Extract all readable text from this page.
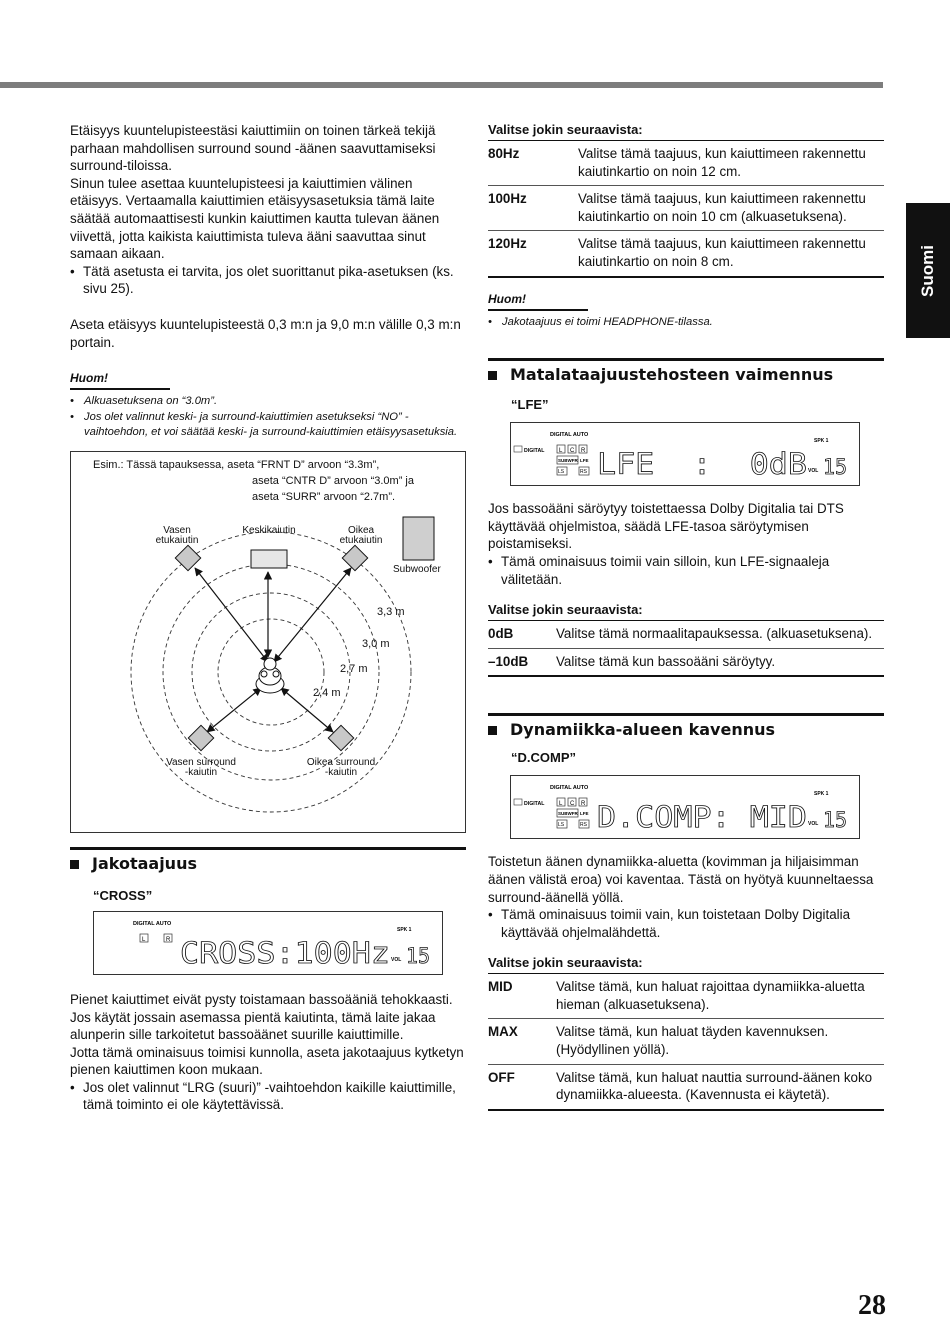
Suomi

Etäisyys kuuntelupisteestäsi kaiuttimiin on toinen tärkeä tekijä parhaan mahdollisen surround sound -äänen saavuttamiseksi surround-tiloissa.

Sinun tulee asettaa kuuntelupisteesi ja kaiuttimien välinen etäisyys. Vertaamalla kaiuttimien etäisyysasetuksia tämä laite säätää automaattisesti kunkin kaiuttimen kautta tulevan äänen viivettä, jotta kaikista kaiuttimista tuleva ääni saavuttaa sinut samaan aikaan.

• Tätä asetusta ei tarvita, jos olet suorittanut pika-asetuksen (ks. sivu 25).

Aseta etäisyys kuuntelupisteestä 0,3 m:n ja 9,0 m:n välille 0,3 m:n portain.

Huom!

• Alkuasetuksena on “3.0m”.

• Jos olet valinnut keski- ja surround-kaiuttimien asetukseksi “NO” -vaihtoehdon, et voi säätää keski- ja surround-kaiuttimien etäisyysasetuksia.

Esim.: Tässä tapauksessa, aseta “FRNT D” arvoon “3.3m”,
aseta “CNTR D” arvoon “3.0m” ja
aseta “SURR” arvoon “2.7m”.
Vasen
etukaiutin
Keskikaiutin	Oikea
etukaiutin
Subwoofer
3,3 m
3,0 m
2,7 m
2,4 m
Vasen surround
-kaiutin
Oikea surround
-kaiutin
Jakotaajuus

“CROSS”

DIGITAL AUTO
SPK 1
L	R CROSS:100Hz VOL 15

Pienet kaiuttimet eivät pysty toistamaan bassoääniä tehokkaasti. Jos käytät jossain asemassa pientä kaiutinta, tämä laite jakaa alunperin sille tarkoitetut bassoäänet suurille kaiuttimille.

Jotta tämä ominaisuus toimisi kunnolla, aseta jakotaajuus kytketyn pienen kaiuttimen koon mukaan.

• Jos olet valinnut “LRG (suuri)” -vaihtoehdon kaikille kaiuttimille, tämä toiminto ei ole käytettävissä.

Valitse jokin seuraavista:

80Hz	Valitse tämä taajuus, kun kaiuttimeen rakennettu kaiutinkartio on noin 12 cm.
100Hz	Valitse tämä taajuus, kun kaiuttimeen rakennettu kaiutinkartio on noin 10 cm (alkuasetuksena).
120Hz	Valitse tämä taajuus, kun kaiuttimeen rakennettu kaiutinkartio on noin 8 cm.

Huom!

• Jakotaajuus ei toimi HEADPHONE-tilassa.

Matalataajuustehosteen vaimennus

“LFE”

DIGITAL AUTO
SPK 1
DIGITAL L C R
SUBWFR LFE
LS	RS LFE  :  0dB VOL 15

Jos bassoääni säröytyy toistettaessa Dolby Digitalia tai DTS käyttävää ohjelmistoa, säädä LFE-tasoa säröytymisen poistamiseksi.

• Tämä ominaisuus toimii vain silloin, kun LFE-signaaleja välitetään.

Valitse jokin seuraavista:

0dB	Valitse tämä normaalitapauksessa. (alkuasetuksena).
–10dB Valitse tämä kun bassoääni säröytyy.
Dynamiikka-alueen kavennus

“D.COMP”

DIGITAL AUTO
SPK 1
DIGITAL L C R
SUBWFR LFE
LS	RS D.COMP: MID VOL 15

Toistetun äänen dynamiikka-aluetta (kovimman ja hiljaisimman äänen välistä eroa) voi kaventaa. Tästä on hyötyä kuunneltaessa surround-äänellä yöllä.

• Tämä ominaisuus toimii vain, kun toistetaan Dolby Digitalia käyttävää ohjelmalähdettä.

Valitse jokin seuraavista:

MID	Valitse tämä, kun haluat rajoittaa dynamiikka-aluetta hieman (alkuasetuksena).
MAX	Valitse tämä, kun haluat täyden kavennuksen. (Hyödyllinen yöllä).
OFF	Valitse tämä, kun haluat nauttia surround-äänen koko dynamiikka-alueesta. (Kavennusta ei käytetä).
28
